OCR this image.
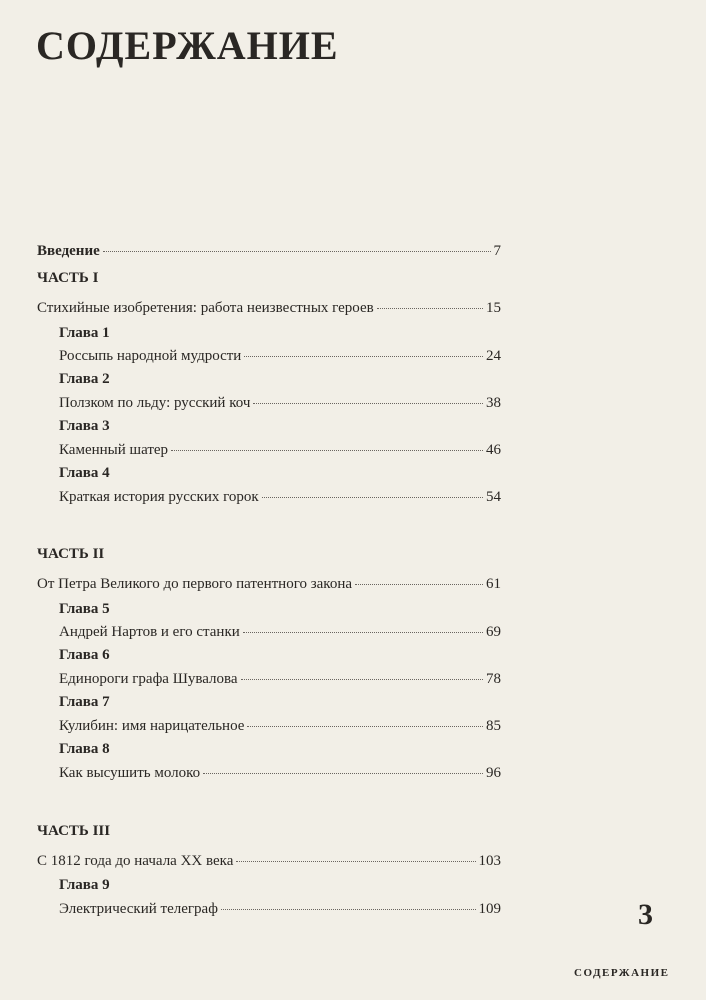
СОДЕРЖАНИЕ
Введение	7
ЧАСТЬ I
Стихийные изобретения: работа неизвестных героев	15
Глава 1
Россыпь народной мудрости	24
Глава 2
Ползком по льду: русский коч	38
Глава 3
Каменный шатер	46
Глава 4
Краткая история русских горок	54
ЧАСТЬ II
От Петра Великого до первого патентного закона	61
Глава 5
Андрей Нартов и его станки	69
Глава 6
Единороги графа Шувалова	78
Глава 7
Кулибин: имя нарицательное	85
Глава 8
Как высушить молоко	96
ЧАСТЬ III
С 1812 года до начала XX века	103
Глава 9
Электрический телеграф	109	3
СОДЕРЖАНИЕ
